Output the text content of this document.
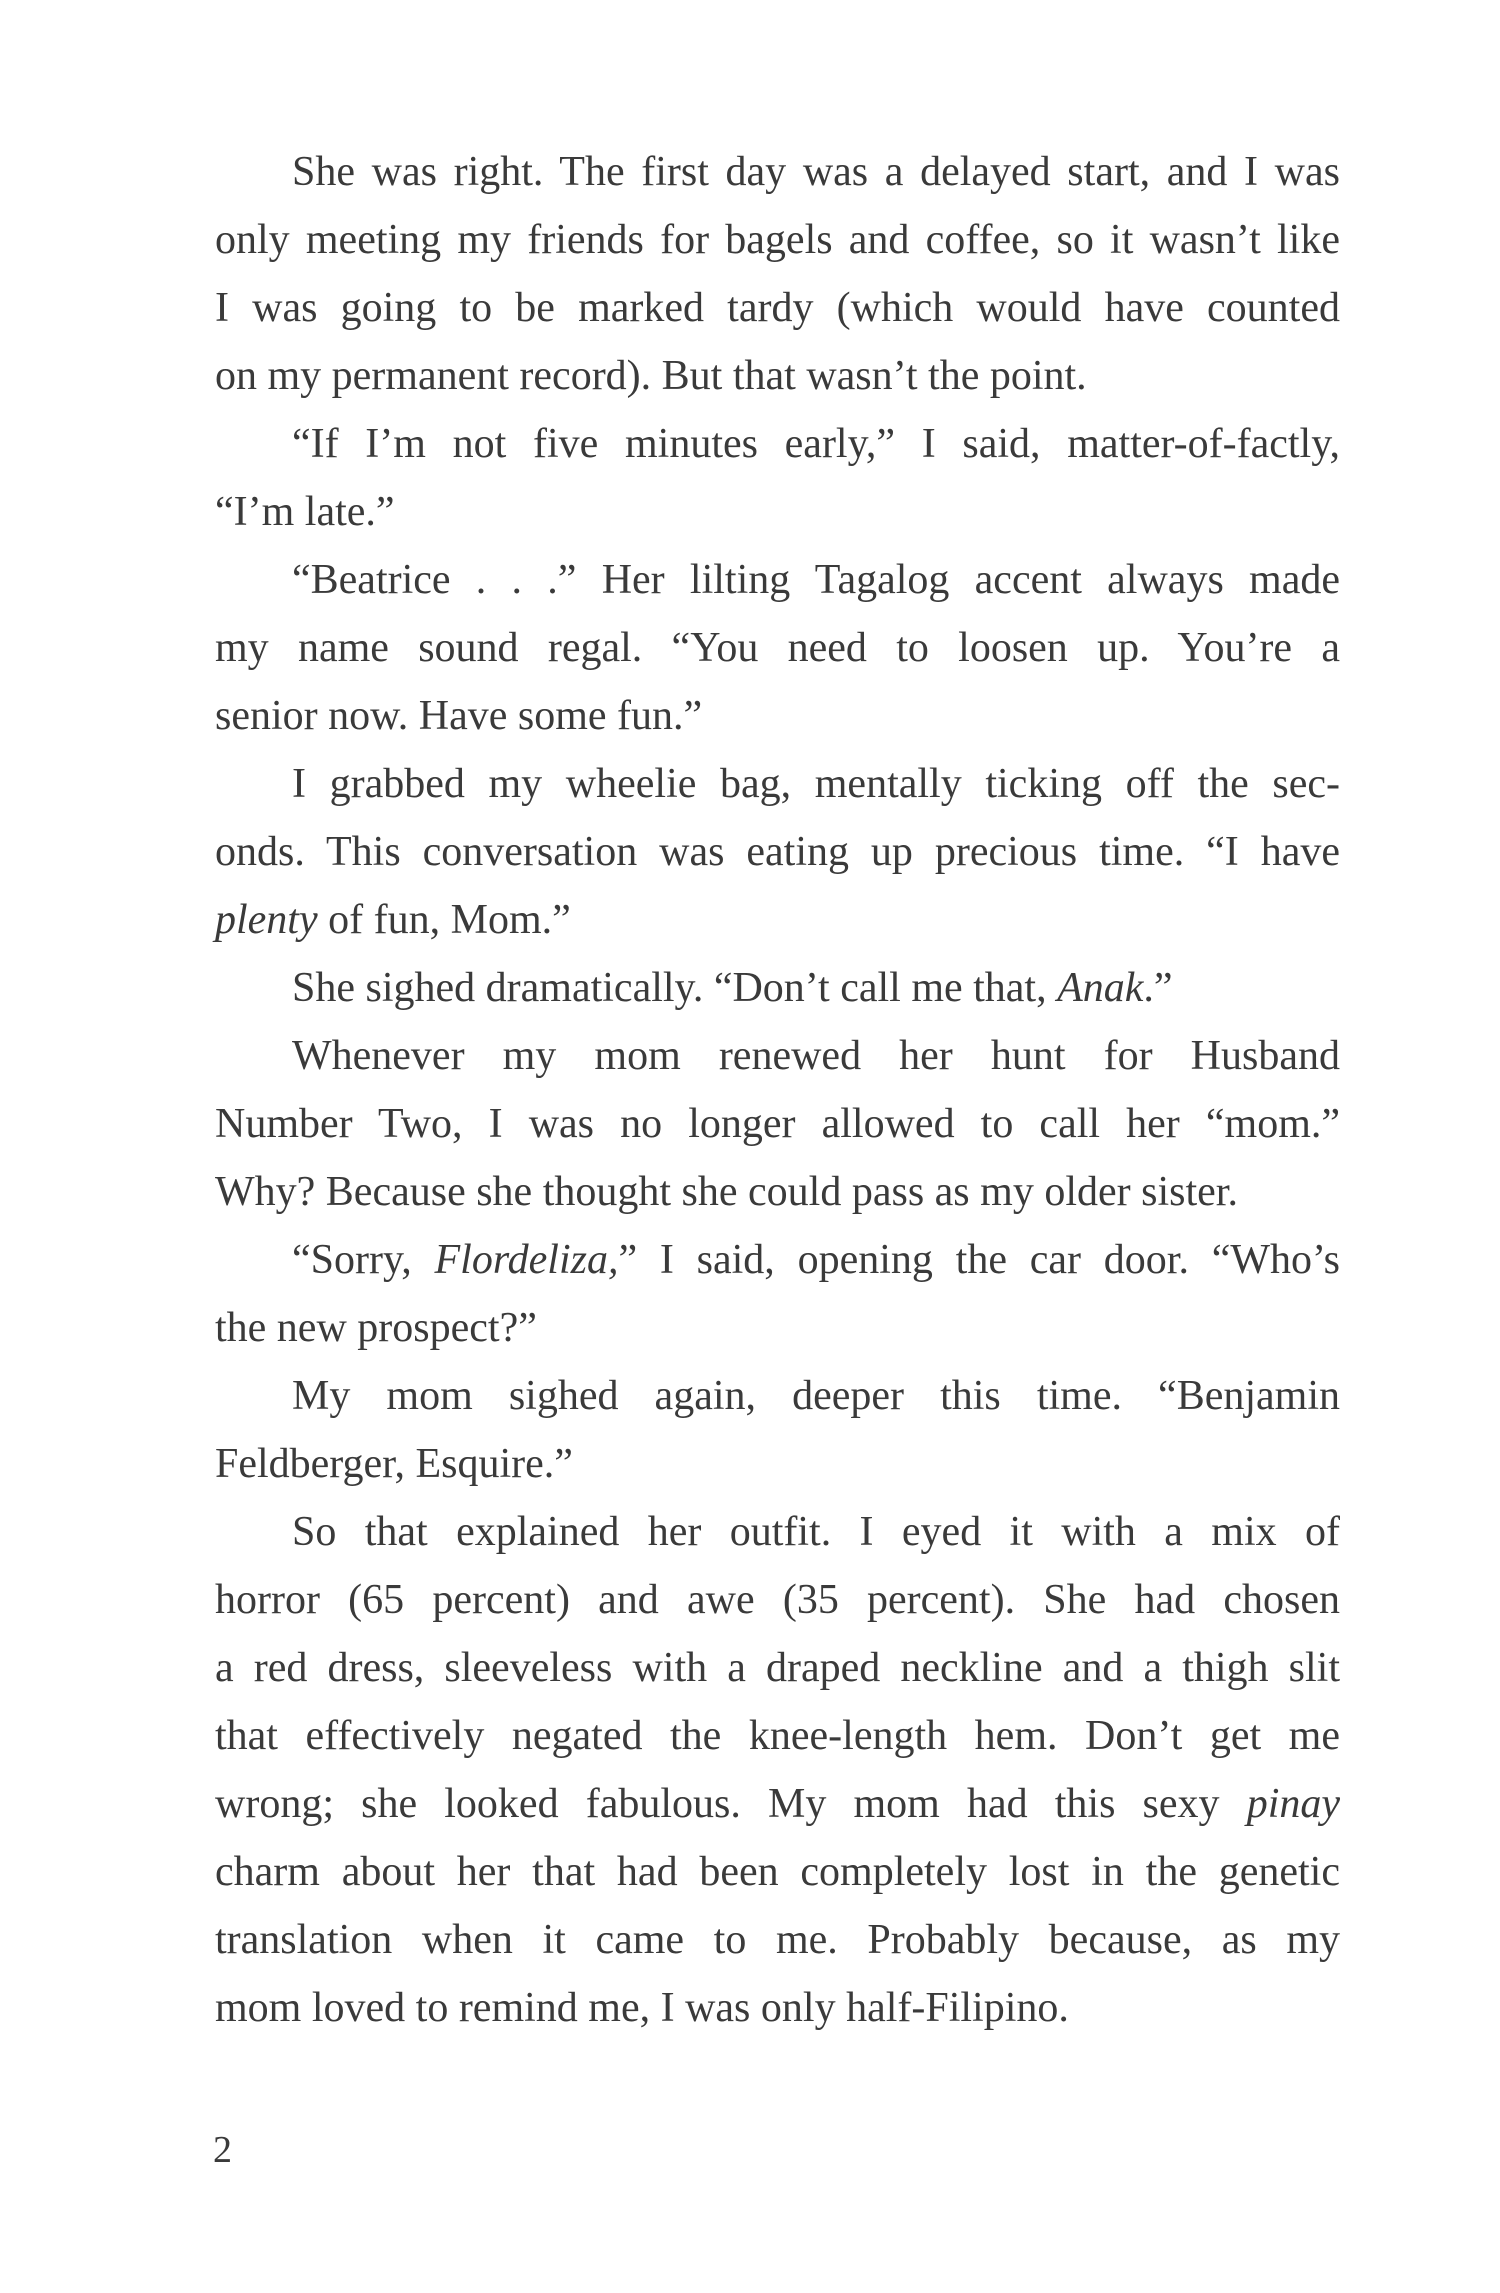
She was right. The first day was a delayed start, and I was
only meeting my friends for bagels and coffee, so it wasn’t like
I was going to be marked tardy (which would have counted
on my permanent record). But that wasn’t the point.

“If I’m not five minutes early,” I said, matter-of-factly,
“I’m late.”

“Beatrice . . .” Her lilting Tagalog accent always made
my name sound regal. “You need to loosen up. You’re a
senior now. Have some fun.”

I grabbed my wheelie bag, mentally ticking off the sec-
onds. This conversation was eating up precious time. “I have
plenty of fun, Mom.”

She sighed dramatically. “Don’t call me that, Anak.”

Whenever my mom renewed her hunt for Husband
Number Two, I was no longer allowed to call her “mom.”
Why? Because she thought she could pass as my older sister.

“Sorry, Flordeliza,” I said, opening the car door. “Who’s
the new prospect?”

My mom sighed again, deeper this time. “Benjamin
Feldberger, Esquire.”

So that explained her outfit. I eyed it with a mix of
horror (65 percent) and awe (35 percent). She had chosen
a red dress, sleeveless with a draped neckline and a thigh slit
that effectively negated the knee-length hem. Don’t get me
wrong; she looked fabulous. My mom had this sexy pinay
charm about her that had been completely lost in the genetic
translation when it came to me. Probably because, as my
mom loved to remind me, I was only half-Filipino.

2
